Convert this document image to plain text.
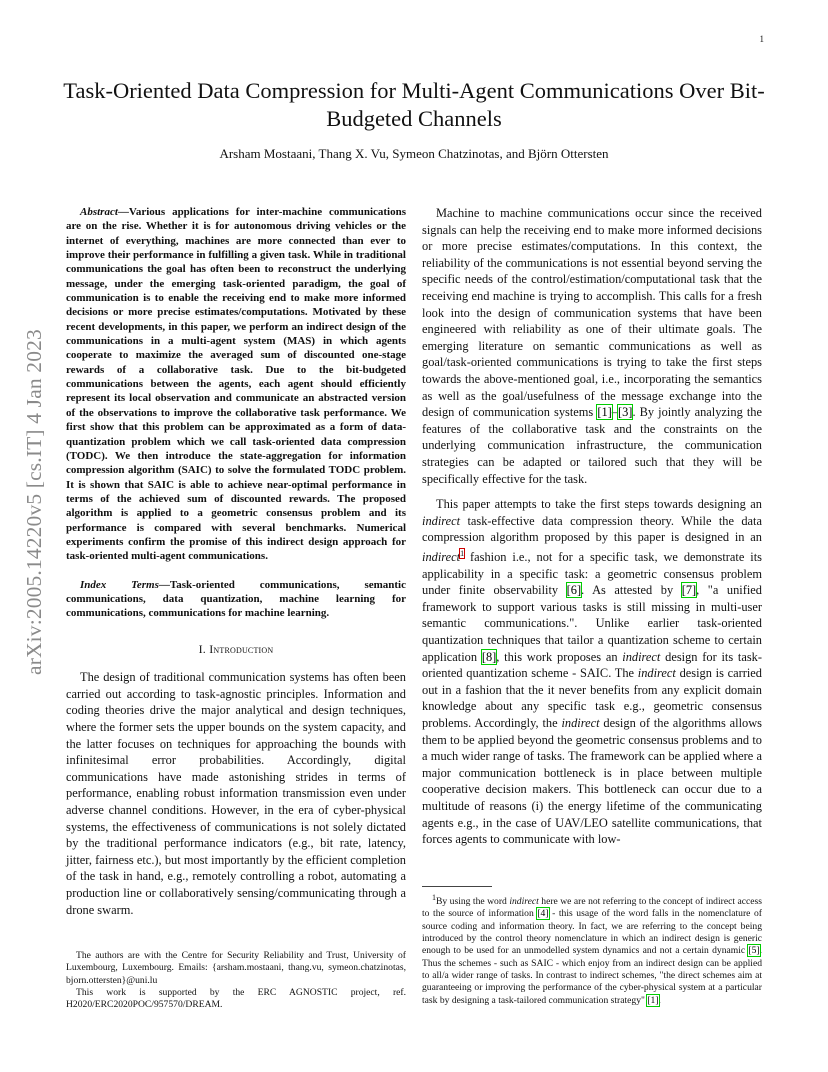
1
arXiv:2005.14220v5 [cs.IT] 4 Jan 2023
Task-Oriented Data Compression for Multi-Agent Communications Over Bit-Budgeted Channels
Arsham Mostaani, Thang X. Vu, Symeon Chatzinotas, and Björn Ottersten

Abstract—Various applications for inter-machine communications are on the rise. Whether it is for autonomous driving vehicles or the internet of everything, machines are more connected than ever to improve their performance in fulfilling a given task. While in traditional communications the goal has often been to reconstruct the underlying message, under the emerging task-oriented paradigm, the goal of communication is to enable the receiving end to make more informed decisions or more precise estimates/computations. Motivated by these recent developments, in this paper, we perform an indirect design of the communications in a multi-agent system (MAS) in which agents cooperate to maximize the averaged sum of discounted one-stage rewards of a collaborative task. Due to the bit-budgeted communications between the agents, each agent should efficiently represent its local observation and communicate an abstracted version of the observations to improve the collaborative task performance. We first show that this problem can be approximated as a form of data-quantization problem which we call task-oriented data compression (TODC). We then introduce the state-aggregation for information compression algorithm (SAIC) to solve the formulated TODC problem. It is shown that SAIC is able to achieve near-optimal performance in terms of the achieved sum of discounted rewards. The proposed algorithm is applied to a geometric consensus problem and its performance is compared with several benchmarks. Numerical experiments confirm the promise of this indirect design approach for task-oriented multi-agent communications.

Index Terms—Task-oriented communications, semantic communications, data quantization, machine learning for communications, communications for machine learning.

I. Introduction

The design of traditional communication systems has often been carried out according to task-agnostic principles. Information and coding theories drive the major analytical and design techniques, where the former sets the upper bounds on the system capacity, and the latter focuses on techniques for approaching the bounds with infinitesimal error probabilities. Accordingly, digital communications have made astonishing strides in terms of performance, enabling robust information transmission even under adverse channel conditions. However, in the era of cyber-physical systems, the effectiveness of communications is not solely dictated by the traditional performance indicators (e.g., bit rate, latency, jitter, fairness etc.), but most importantly by the efficient completion of the task in hand, e.g., remotely controlling a robot, automating a production line or collaboratively sensing/communicating through a drone swarm.

The authors are with the Centre for Security Reliability and Trust, University of Luxembourg, Luxembourg. Emails: {arsham.mostaani, thang.vu, symeon.chatzinotas, bjorn.ottersten}@uni.lu

This work is supported by the ERC AGNOSTIC project, ref. H2020/ERC2020POC/957570/DREAM.

Machine to machine communications occur since the received signals can help the receiving end to make more informed decisions or more precise estimates/computations. In this context, the reliability of the communications is not essential beyond serving the specific needs of the control/estimation/computational task that the receiving end machine is trying to accomplish. This calls for a fresh look into the design of communication systems that have been engineered with reliability as one of their ultimate goals. The emerging literature on semantic communications as well as goal/task-oriented communications is trying to take the first steps towards the above-mentioned goal, i.e., incorporating the semantics as well as the goal/usefulness of the message exchange into the design of communication systems [1]–[3]. By jointly analyzing the features of the collaborative task and the constraints on the underlying communication infrastructure, the communication strategies can be adapted or tailored such that they will be specifically effective for the task.

This paper attempts to take the first steps towards designing an indirect task-effective data compression theory. While the data compression algorithm proposed by this paper is designed in an indirect$^1$ fashion i.e., not for a specific task, we demonstrate its applicability in a specific task: a geometric consensus problem under finite observability [6]. As attested by [7], "a unified framework to support various tasks is still missing in multi-user semantic communications.". Unlike earlier task-oriented quantization techniques that tailor a quantization scheme to certain application [8], this work proposes an indirect design for its task-oriented quantization scheme - SAIC. The indirect design is carried out in a fashion that the it never benefits from any explicit domain knowledge about any specific task e.g., geometric consensus problems. Accordingly, the indirect design of the algorithms allows them to be applied beyond the geometric consensus problems and to a much wider range of tasks. The framework can be applied where a major communication bottleneck is in place between multiple cooperative decision makers. This bottleneck can occur due to a multitude of reasons (i) the energy lifetime of the communicating agents e.g., in the case of UAV/LEO satellite communications, that forces agents to communicate with low-

$^1$By using the word indirect here we are not referring to the concept of indirect access to the source of information [4] - this usage of the word falls in the nomenclature of source coding and information theory. In fact, we are referring to the concept being introduced by the control theory nomenclature in which an indirect design is generic enough to be used for an unmodelled system dynamics and not a certain dynamic [5]. Thus the schemes - such as SAIC - which enjoy from an indirect design can be applied to all/a wider range of tasks. In contrast to indirect schemes, "the direct schemes aim at guaranteeing or improving the performance of the cyber-physical system at a particular task by designing a task-tailored communication strategy" [1].
